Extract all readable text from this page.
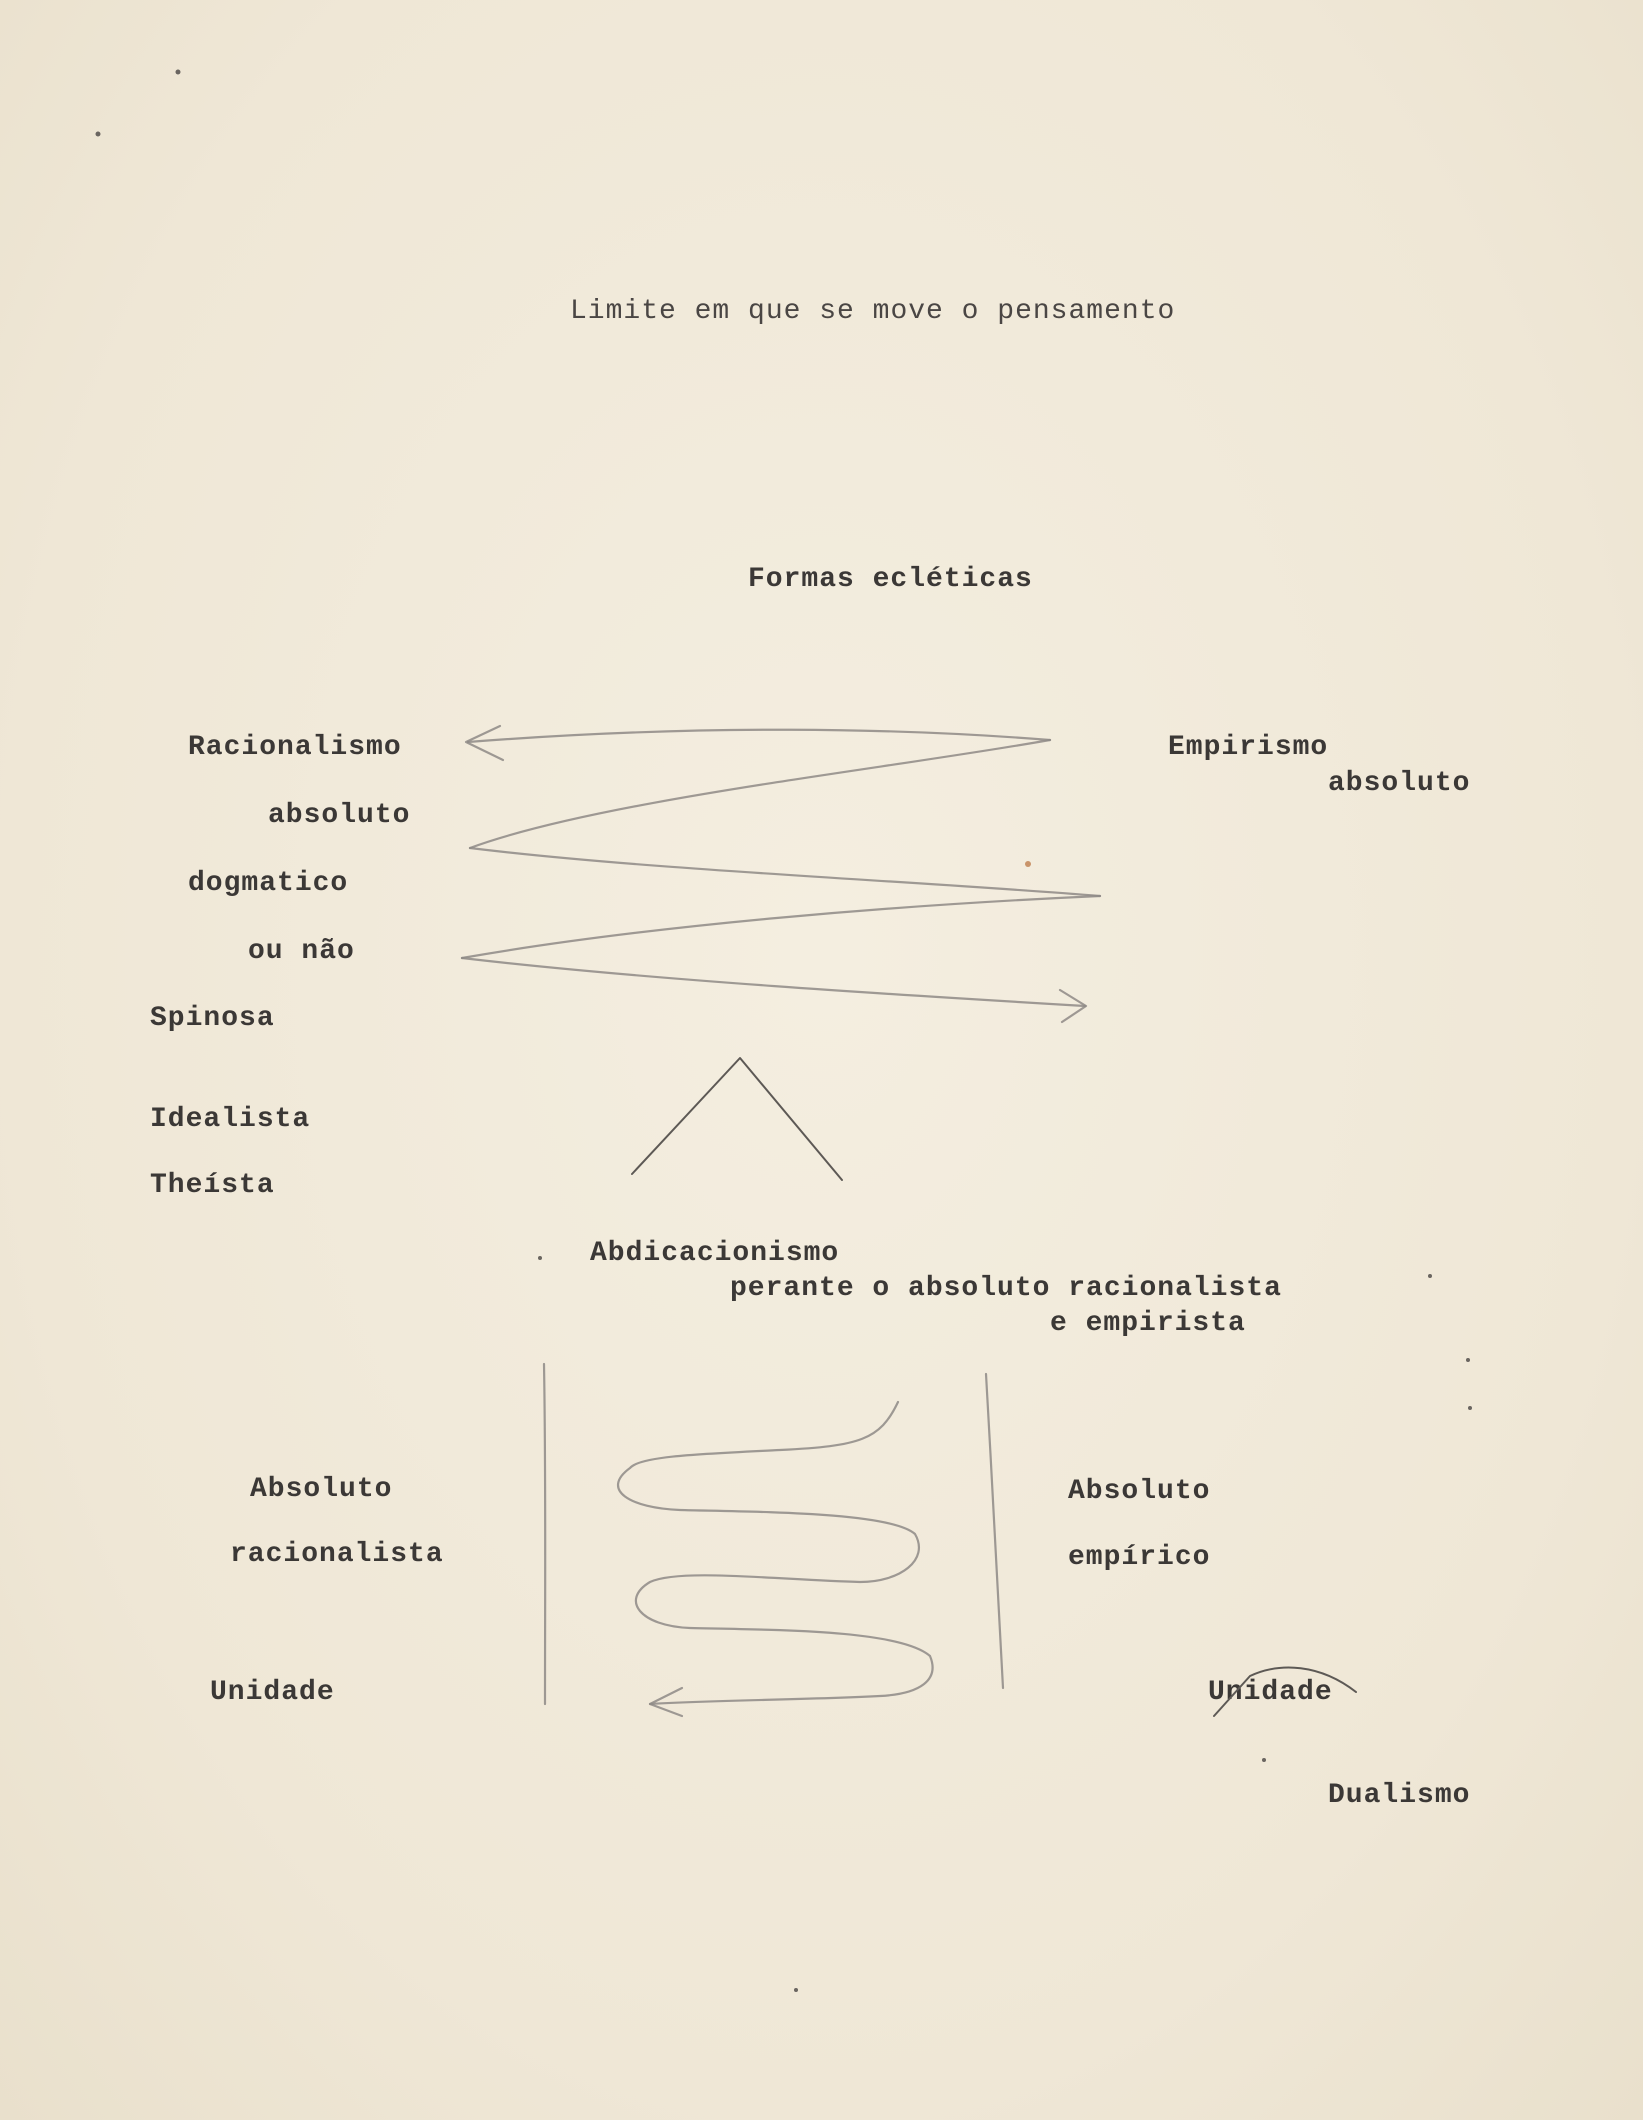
Limite em que se move o pensamento
Formas ecléticas
Racionalismo
absoluto
dogmatico
ou não
Spinosa
Idealista
Theísta
Empirismo
absoluto
Abdicacionismo
perante o absoluto racionalista
e empirista
Absoluto
racionalista
Unidade
Absoluto
empírico
Unidade
Dualismo
